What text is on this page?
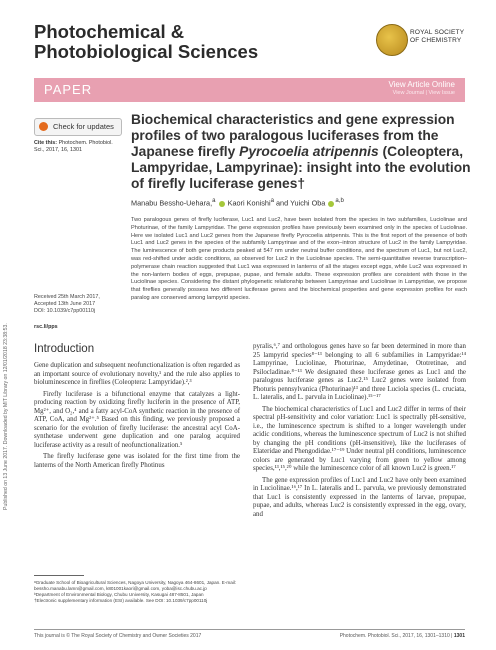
Published on 13 June 2017. Downloaded by MIT Library on 12/01/2018 23:38:53.
Photochemical &
Photobiological Sciences
ROYAL SOCIETY
OF CHEMISTRY
PAPER	View Article Online
View Journal | View Issue
Check for updates
Cite this: Photochem. Photobiol. Sci., 2017, 16, 1301
Received 25th March 2017,
Accepted 13th June 2017
DOI: 10.1039/c7pp00110j
rsc.li/pps
Biochemical characteristics and gene expression profiles of two paralogous luciferases from the Japanese firefly Pyrocoelia atripennis (Coleoptera, Lampyridae, Lampyrinae): insight into the evolution of firefly luciferase genes†
Manabu Bessho-Uehara,$^a$  Kaori Konishi$^a$ and Yuichi Oba $^{a,b}$
Two paralogous genes of firefly luciferase, Luc1 and Luc2, have been isolated from the species in two subfamilies, Luciolinae and Photurinae, of the family Lampyridae. The gene expression profiles have previously been examined only in the species of Luciolinae. Here we isolated Luc1 and Luc2 genes from the Japanese firefly Pyrocoelia atripennis. This is the first report of the presence of both Luc1 and Luc2 genes in the species of the subfamily Lampyrinae and of the exon–intron structure of Luc2 in the family Lampyridae. The luminescence of both gene products peaked at 547 nm under neutral buffer conditions, and the spectrum of Luc1, but not Luc2, was red-shifted under acidic conditions, as observed for Luc2 in the Luciolinae species. The semi-quantitative reverse transcription–polymerase chain reaction suggested that Luc1 was expressed in lanterns of all the stages except eggs, while Luc2 was expressed in the non-lantern bodies of eggs, prepupae, pupae, and female adults. These expression profiles are consistent with those in the Luciolinae species. Considering the distant phylogenetic relationship between Lampyrinae and Luciolinae in Lampyridae, we propose that fireflies generally possess two different luciferase genes and the biochemical properties and gene expression profiles for each paralog are conserved among lampyrid species.
Introduction

Gene duplication and subsequent neofunctionalization is often regarded as an important source of evolutionary novelty,¹ and the rule also applies to bioluminescence in fireflies (Coleoptera: Lampyridae).²,³

Firefly luciferase is a bifunctional enzyme that catalyzes a light-producing reaction by oxidizing firefly luciferin in the presence of ATP, Mg²⁺, and O₂,⁴ and a fatty acyl-CoA synthetic reaction in the presence of ATP, CoA, and Mg²⁺.⁵ Based on this finding, we previously proposed a scenario for the evolution of firefly luciferase: the ancestral acyl CoA-synthetase underwent gene duplication and one paralog acquired luciferase activity as a result of neofunctionalization.⁵

The firefly luciferase gene was isolated for the first time from the lanterns of the North American firefly Photinus

pyralis,⁶,⁷ and orthologous genes have so far been determined in more than 25 lampyrid species⁸⁻¹³ belonging to all 6 subfamilies in Lampyridae:¹⁴ Lampyrinae, Luciolinae, Photurinae, Amydetinae, Ototretinae, and Psilocladinae.⁸⁻¹³ We designated these luciferase genes as Luc1 and the paralogous luciferase genes as Luc2.¹⁵ Luc2 genes were isolated from Photuris pennsylvanica (Photurinae)¹³ and three Luciola species (L. cruciata, L. lateralis, and L. parvula in Luciolinae).¹⁵⁻¹⁷

The biochemical characteristics of Luc1 and Luc2 differ in terms of their spectral pH-sensitivity and color variation: Luc1 is spectrally pH-sensitive, i.e., the luminescence spectrum is shifted to a longer wavelength under acidic conditions, whereas the luminescence spectrum of Luc2 is not shifted by changing the pH conditions (pH-insensitive), like the luciferases of Elateridae and Phengodidae.¹⁷⁻¹⁹ Under neutral pH conditions, luminescence colors are generated by Luc1 varying from green to yellow among species,¹³,¹⁵,²⁰ while the luminescence color of all known Luc2 is green.¹⁷

The gene expression profiles of Luc1 and Luc2 have only been examined in Luciolinae.¹⁶,¹⁷ In L. lateralis and L. parvula, we previously demonstrated that Luc1 is consistently expressed in the lanterns of larvae, prepupae, pupae, and adults, whereas Luc2 is consistently expressed in the egg, ovary, and

ᵃGraduate School of Bioagricultural Sciences, Nagoya University, Nagoya 464-8601, Japan. E-mail: bessho.manabu.lamn@gmail.com, k801001kaori@gmail.com, yoba@isc.chubu.ac.jp
ᵇDepartment of Environmental Biology, Chubu University, Kasugai 487-8501, Japan
†Electronic supplementary information (ESI) available. See DOI: 10.1039/c7pp00110j
This journal is © The Royal Society of Chemistry and Owner Societies 2017	Photochem. Photobiol. Sci., 2017, 16, 1301–1310 | 1301
